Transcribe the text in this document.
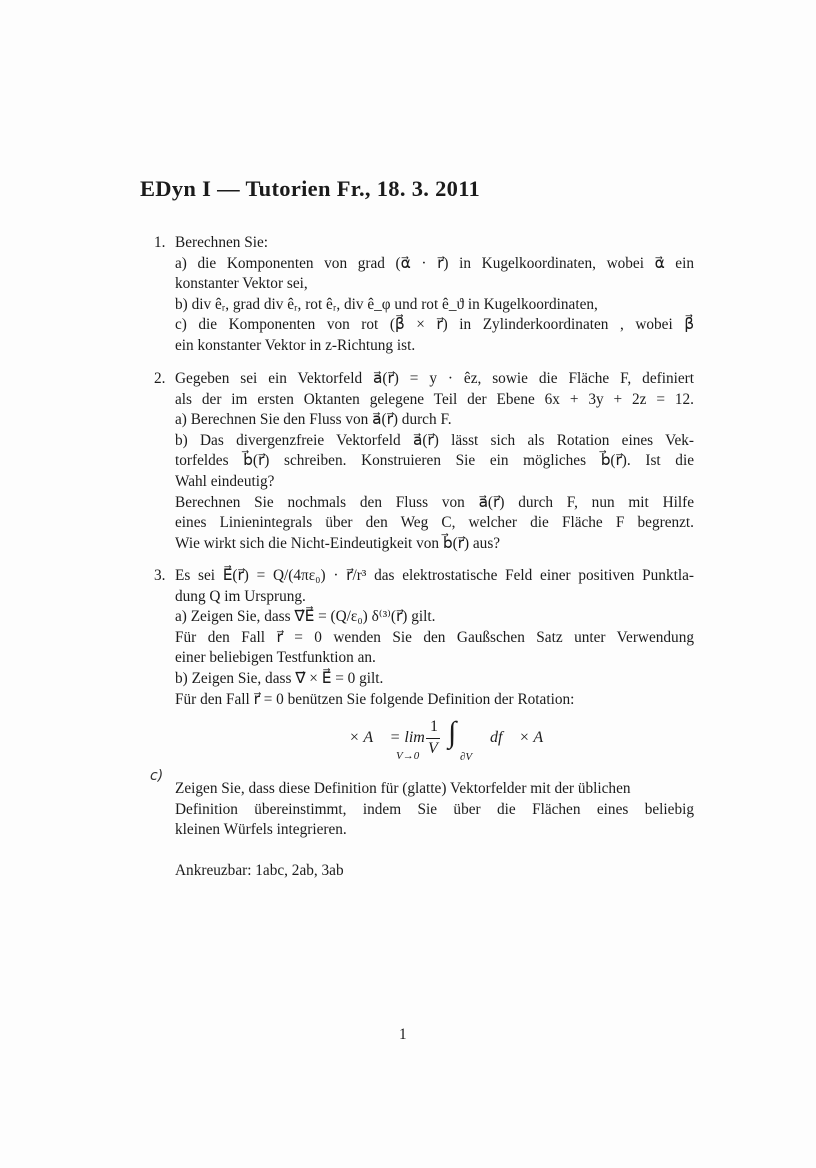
EDyn I — Tutorien Fr., 18. 3. 2011
1. Berechnen Sie:
a) die Komponenten von grad (α⃗ · r⃗) in Kugelkoordinaten, wobei α⃗ ein
konstanter Vektor sei,
b) div êᵣ, grad div êᵣ, rot êᵣ, div ê_φ und rot ê_ϑ in Kugelkoordinaten,
c) die Komponenten von rot (β⃗ × r⃗) in Zylinderkoordinaten , wobei β⃗
ein konstanter Vektor in z-Richtung ist.
2. Gegeben sei ein Vektorfeld a⃗(r⃗) = y · êz, sowie die Fläche F, definiert
als der im ersten Oktanten gelegene Teil der Ebene 6x + 3y + 2z = 12.
a) Berechnen Sie den Fluss von a⃗(r⃗) durch F.
b) Das divergenzfreie Vektorfeld a⃗(r⃗) lässt sich als Rotation eines Vek-
torfeldes b⃗(r⃗) schreiben. Konstruieren Sie ein mögliches b⃗(r⃗). Ist die
Wahl eindeutig?
Berechnen Sie nochmals den Fluss von a⃗(r⃗) durch F, nun mit Hilfe
eines Linienintegrals über den Weg C, welcher die Fläche F begrenzt.
Wie wirkt sich die Nicht-Eindeutigkeit von b⃗(r⃗) aus?
3. Es sei E⃗(r⃗) = Q/(4πε₀) · r⃗/r³ das elektrostatische Feld einer positiven Punktla-
dung Q im Ursprung.
a) Zeigen Sie, dass ∇⃗E⃗ = (Q/ε₀) δ⁽³⁾(r⃗) gilt.
Für den Fall r⃗ = 0 wenden Sie den Gaußschen Satz unter Verwendung
einer beliebigen Testfunktion an.
b) Zeigen Sie, dass ∇⃗ × E⃗ = 0 gilt.
Für den Fall r⃗ = 0 benützen Sie folgende Definition der Rotation:
∇⃗ × A⃗ = lim
V→0
1
V ∫
∂V
df⃗ × A⃗
c)
Zeigen Sie, dass diese Definition für (glatte) Vektorfelder mit der üblichen
Definition übereinstimmt, indem Sie über die Flächen eines beliebig
kleinen Würfels integrieren.
Ankreuzbar: 1abc, 2ab, 3ab
1
